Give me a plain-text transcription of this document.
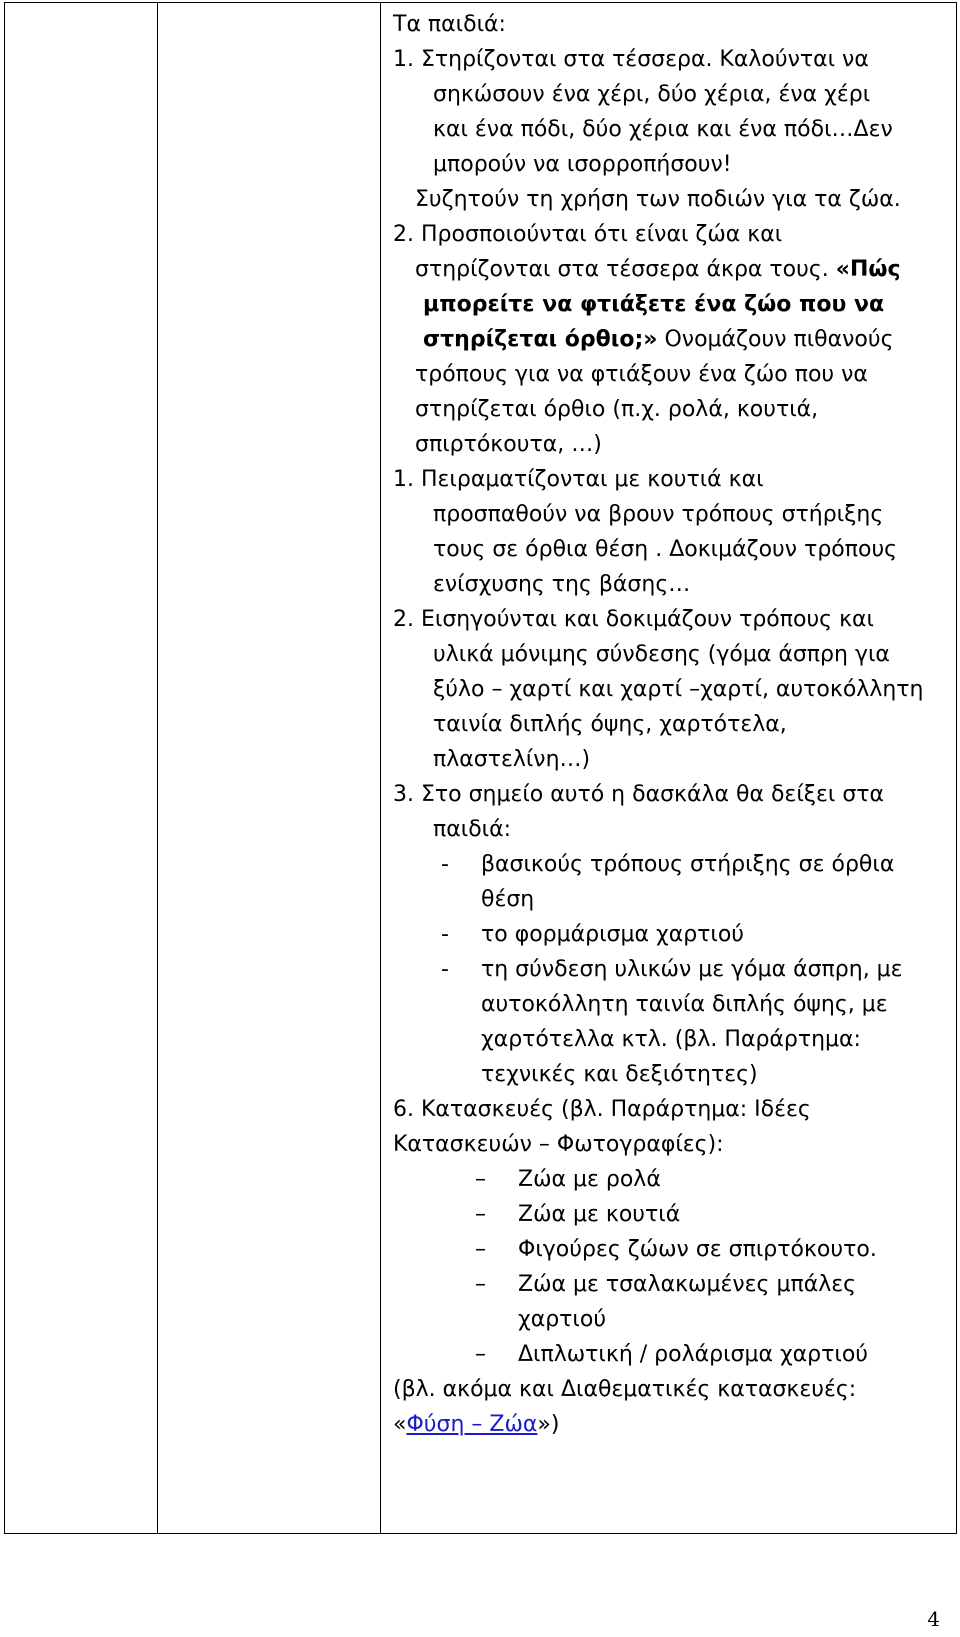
Τα παιδιά:
1. Στηρίζονται στα τέσσερα. Καλούνται να
σηκώσουν ένα χέρι, δύο χέρια, ένα χέρι
και ένα πόδι, δύο χέρια και ένα πόδι…Δεν
μπορούν να ισορροπήσουν!
Συζητούν τη χρήση των ποδιών για τα ζώα.
2. Προσποιούνται ότι είναι ζώα και
στηρίζονται στα τέσσερα άκρα τους. «Πώς
μπορείτε να φτιάξετε ένα ζώο που να
στηρίζεται όρθιο;» Ονομάζουν πιθανούς
τρόπους για να φτιάξουν ένα ζώο που να
στηρίζεται όρθιο (π.χ. ρολά, κουτιά,
σπιρτόκουτα, …)
1. Πειραματίζονται με κουτιά και
προσπαθούν να βρουν τρόπους στήριξης
τους σε όρθια θέση . Δοκιμάζουν τρόπους
ενίσχυσης της βάσης…
2. Εισηγούνται και δοκιμάζουν τρόπους και
υλικά μόνιμης σύνδεσης (γόμα άσπρη για
ξύλο – χαρτί και χαρτί –χαρτί, αυτοκόλλητη
ταινία διπλής όψης, χαρτότελα,
πλαστελίνη…)
3. Στο σημείο αυτό η δασκάλα θα δείξει στα
παιδιά:
- βασικούς τρόπους στήριξης σε όρθια
θέση
- το φορμάρισμα χαρτιού
- τη σύνδεση υλικών με γόμα άσπρη, με
αυτοκόλλητη ταινία διπλής όψης, με
χαρτότελλα κτλ. (βλ. Παράρτημα:
τεχνικές και δεξιότητες)
6. Κατασκευές (βλ. Παράρτημα: Ιδέες
Κατασκευών – Φωτογραφίες):
– Ζώα με ρολά
– Ζώα με κουτιά
– Φιγούρες ζώων σε σπιρτόκουτο.
– Ζώα με τσαλακωμένες μπάλες
χαρτιού
– Διπλωτική / ρολάρισμα χαρτιού
(βλ. ακόμα και Διαθεματικές κατασκευές:
«Φύση – Ζώα»)
4
